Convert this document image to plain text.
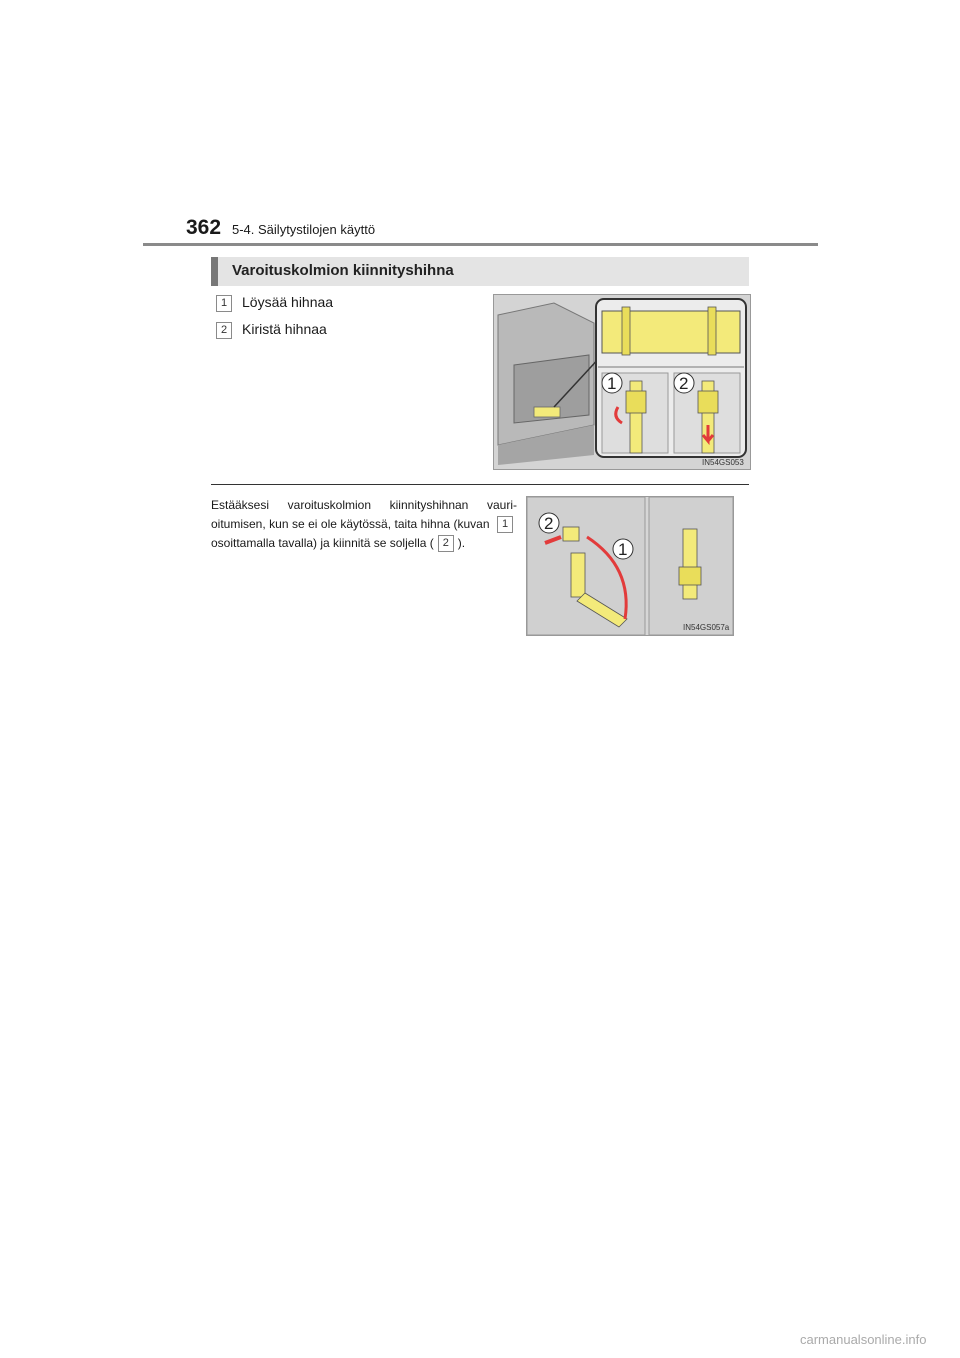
362 5-4. Säilytystilojen käyttö
Varoituskolmion kiinnityshihna
1 Löysää hihnaa
2 Kiristä hihnaa
1	2
IN54GS053
Estääksesi varoituskolmion kiinnityshihnan vauri-oitumisen, kun se ei ole käytössä, taita hihna (kuvan 1 osoittamalla tavalla) ja kiinnitä se soljella ( 2 ).
2
1
IN54GS057a
carmanualsonline.info
